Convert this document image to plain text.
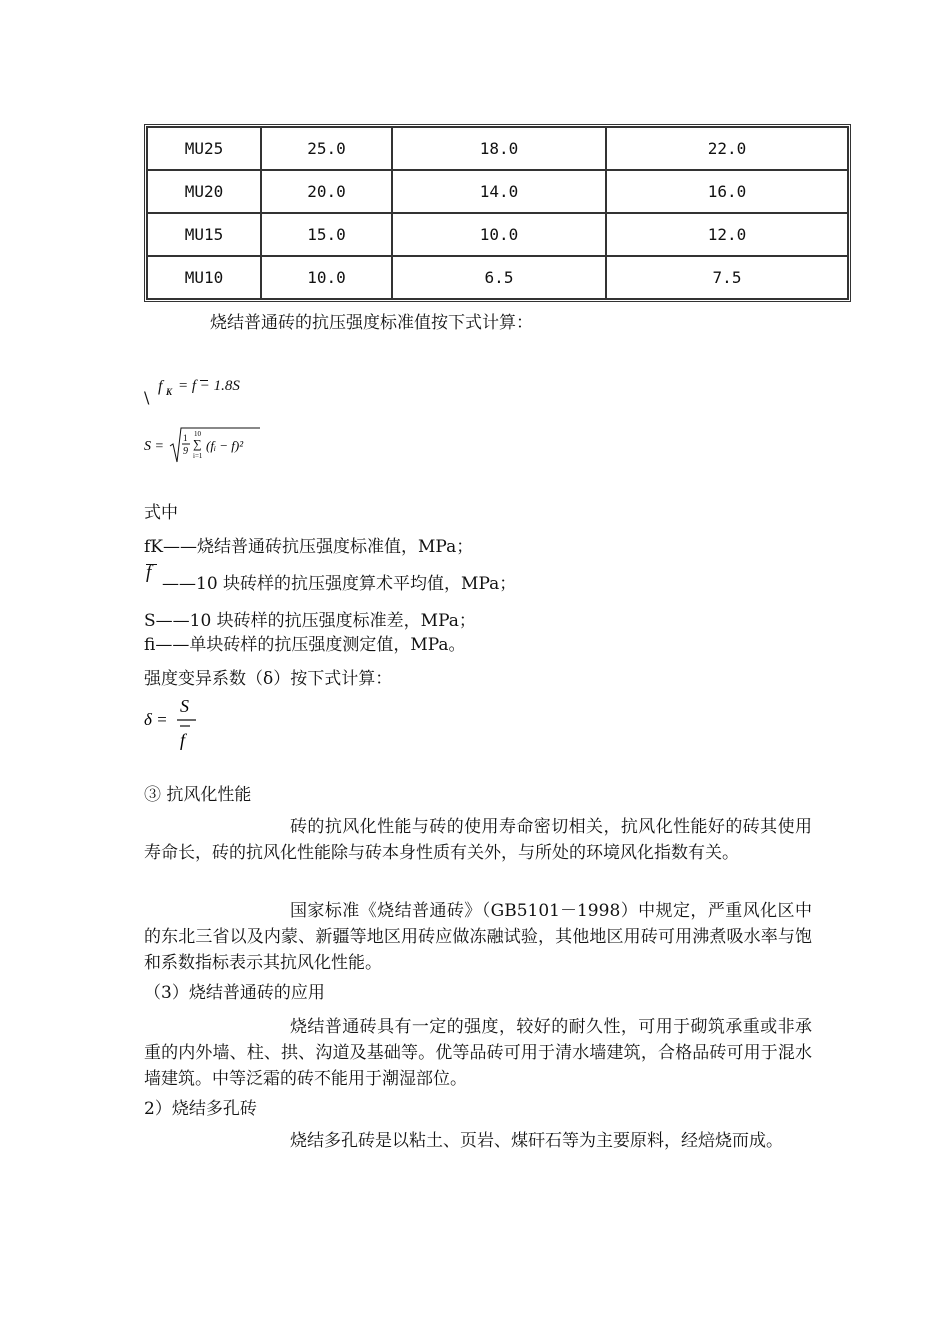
MU25	25.0	18.0	22.0
MU20	20.0	14.0	16.0
MU15	15.0	10.0	12.0
MU10	10.0	6.5	7.5
烧结普通砖的抗压强度标准值按下式计算：
\
f K = f − 1.8S
S =
1
9
10
∑
i=1
(fᵢ − f)²
式中
fK——烧结普通砖抗压强度标准值，MPa；
f
——10 块砖样的抗压强度算术平均值，MPa；
S——10 块砖样的抗压强度标准差，MPa；
fi——单块砖样的抗压强度测定值，MPa。
强度变异系数（δ）按下式计算：
δ =
S
f
③ 抗风化性能
砖的抗风化性能与砖的使用寿命密切相关，抗风化性能好的砖其使用寿命长，砖的抗风化性能除与砖本身性质有关外，与所处的环境风化指数有关。
国家标准《烧结普通砖》（GB5101－1998）中规定，严重风化区中的东北三省以及内蒙、新疆等地区用砖应做冻融试验，其他地区用砖可用沸煮吸水率与饱和系数指标表示其抗风化性能。
（3）烧结普通砖的应用
烧结普通砖具有一定的强度，较好的耐久性，可用于砌筑承重或非承重的内外墙、柱、拱、沟道及基础等。优等品砖可用于清水墙建筑，合格品砖可用于混水墙建筑。中等泛霜的砖不能用于潮湿部位。
2）烧结多孔砖
烧结多孔砖是以粘土、页岩、煤矸石等为主要原料，经焙烧而成。
